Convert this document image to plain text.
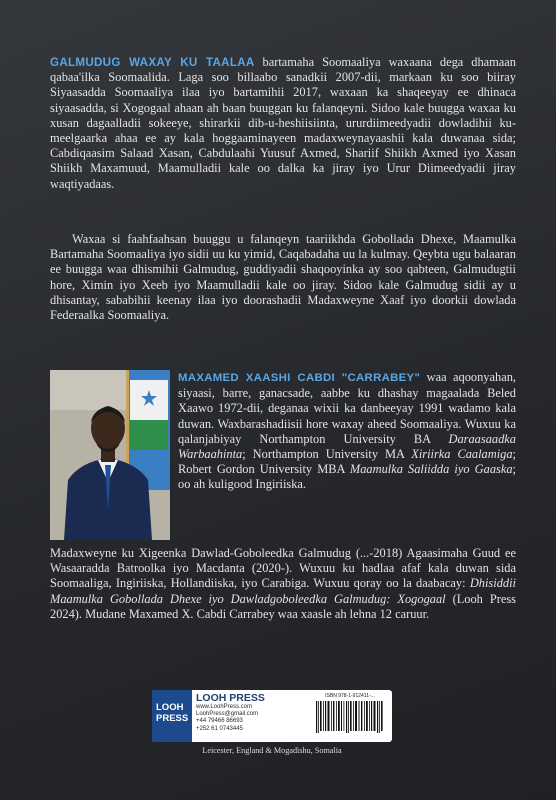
GALMUDUG WAXAY KU TAALAA bartamaha Soomaaliya waxaana dega dhamaan qabaa'ilka Soomaalida. Laga soo billaabo sanadkii 2007-dii, markaan ku soo biiray Siyaasadda Soomaaliya ilaa iyo bartamihii 2017, waxaan ka shaqeeyay ee dhinaca siyaasadda, si Xogogaal ahaan ah baan buuggan ku falanqeyni. Sidoo kale buugga waxaa ku xusan dagaalladii sokeeye, shirarkii dib-u-heshiisiinta, ururdiimeedyadii dowladihii ku-meelgaarka ahaa ee ay kala hoggaaminayeen madaxweynayaashii kala duwanaa sida; Cabdiqaasim Salaad Xasan, Cabdulaahi Yuusuf Axmed, Shariif Shiikh Axmed iyo Xasan Shiikh Maxamuud, Maamulladii kale oo dalka ka jiray iyo Urur Diimeedyadii jiray waqtiyadaas.
Waxaa si faahfaahsan buuggu u falanqeyn taariikhda Gobollada Dhexe, Maamulka Bartamaha Soomaaliya iyo sidii uu ku yimid, Caqabadaha uu la kulmay. Qeybta ugu balaaran ee buugga waa dhismihii Galmudug, guddiyadii shaqooyinka ay soo qabteen, Galmudugtii hore, Ximin iyo Xeeb iyo Maamulladii kale oo jiray. Sidoo kale Galmudug sidii ay u dhisantay, sababihii keenay ilaa iyo doorashadii Madaxweyne Xaaf iyo doorkii dowlada Federaalka Soomaaliya.
MAXAMED XAASHI CABDI "CARRABEY" waa aqoonyahan, siyaasi, barre, ganacsade, aabbe ku dhashay magaalada Beled Xaawo 1972-dii, deganaa wixii ka danbeeyay 1991 wadamo kala duwan. Waxbarashadiisii hore waxay aheed Soomaaliya. Wuxuu ka qalanjabiyay Northampton University BA Daraasaadka Warbaahinta; Northampton University MA Xiriirka Caalamiga; Robert Gordon University MBA Maamulka Saliidda iyo Gaaska; oo ah kuligood Ingiriiska.
Madaxweyne ku Xigeenka Dawlad-Goboleedka Galmudug (...-2018) Agaasimaha Guud ee Wasaaradda Batroolka iyo Macdanta (2020-). Wuxuu ku hadlaa afaf kala duwan sida Soomaaliga, Ingiriiska, Hollandiiska, iyo Carabiga. Wuxuu qoray oo la daabacay: Dhisiddii Maamulka Gobollada Dhexe iyo Dawladgoboleedka Galmudug: Xogogaal (Looh Press 2024). Mudane Maxamed X. Cabdi Carrabey waa xaasle ah lehna 12 caruur.
LOOH
PRESS
LOOH PRESS
www.LoohPress.com
LoohPress@gmail.com
+44 79466 86693
+252 61 0743445
ISBN 978-1-912411-...
Leicester, England & Mogadishu, Somalia
